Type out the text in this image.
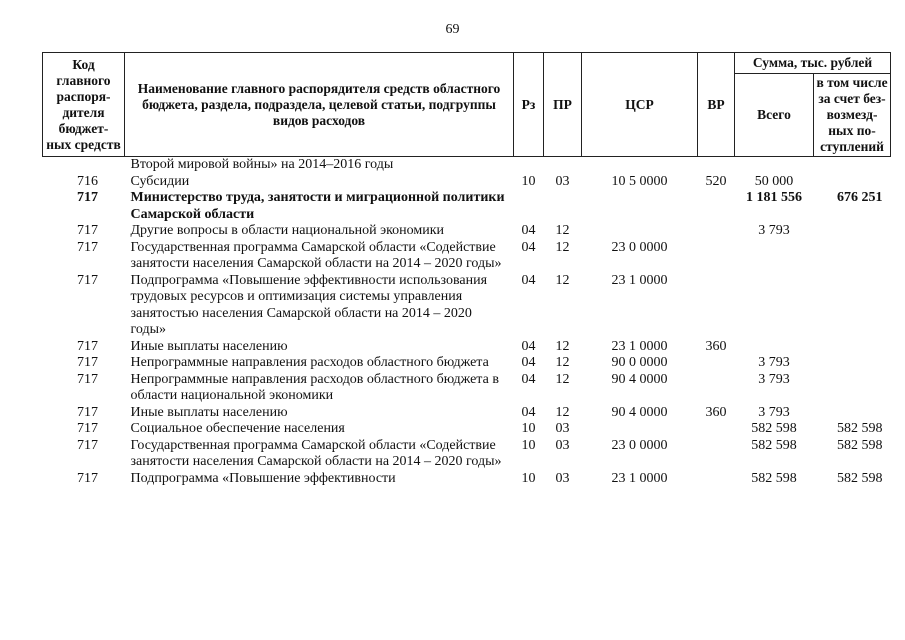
69
Код главного распоря- дителя бюджет- ных средств	Наименование главного распорядителя средств областного бюджета, раздела, подраздела, целевой статьи, подгруппы видов расходов	Рз	ПР	ЦСР	ВР	Сумма, тыс. рублей	
						Всего	в том числе за счет без- возмезд- ных по- ступлений
	Второй мировой войны» на 2014–2016 годы						
716	Субсидии	10	03	10 5 0000	520	50 000	
717	Министерство труда, занятости и миграционной политики Самарской области					1 181 556	676 251
717	Другие вопросы в области национальной экономики	04	12			3 793	
717	Государственная программа Самарской области «Содействие занятости населения Самарской области на 2014 – 2020 годы»	04	12	23 0 0000			
717	Подпрограмма «Повышение эффективности использования трудовых ресурсов и оптимизация системы управления занятостью населения Самарской области на 2014 – 2020 годы»	04	12	23 1 0000			
717	Иные выплаты населению	04	12	23 1 0000	360		
717	Непрограммные направления расходов областного бюджета	04	12	90 0 0000		3 793	
717	Непрограммные направления расходов областного бюджета в области национальной экономики	04	12	90 4 0000		3 793	
717	Иные выплаты населению	04	12	90 4 0000	360	3 793	
717	Социальное обеспечение населения	10	03			582 598	582 598
717	Государственная программа Самарской области «Содействие занятости населения Самарской области на 2014 – 2020 годы»	10	03	23 0 0000		582 598	582 598
717	Подпрограмма «Повышение эффективности	10	03	23 1 0000		582 598	582 598
